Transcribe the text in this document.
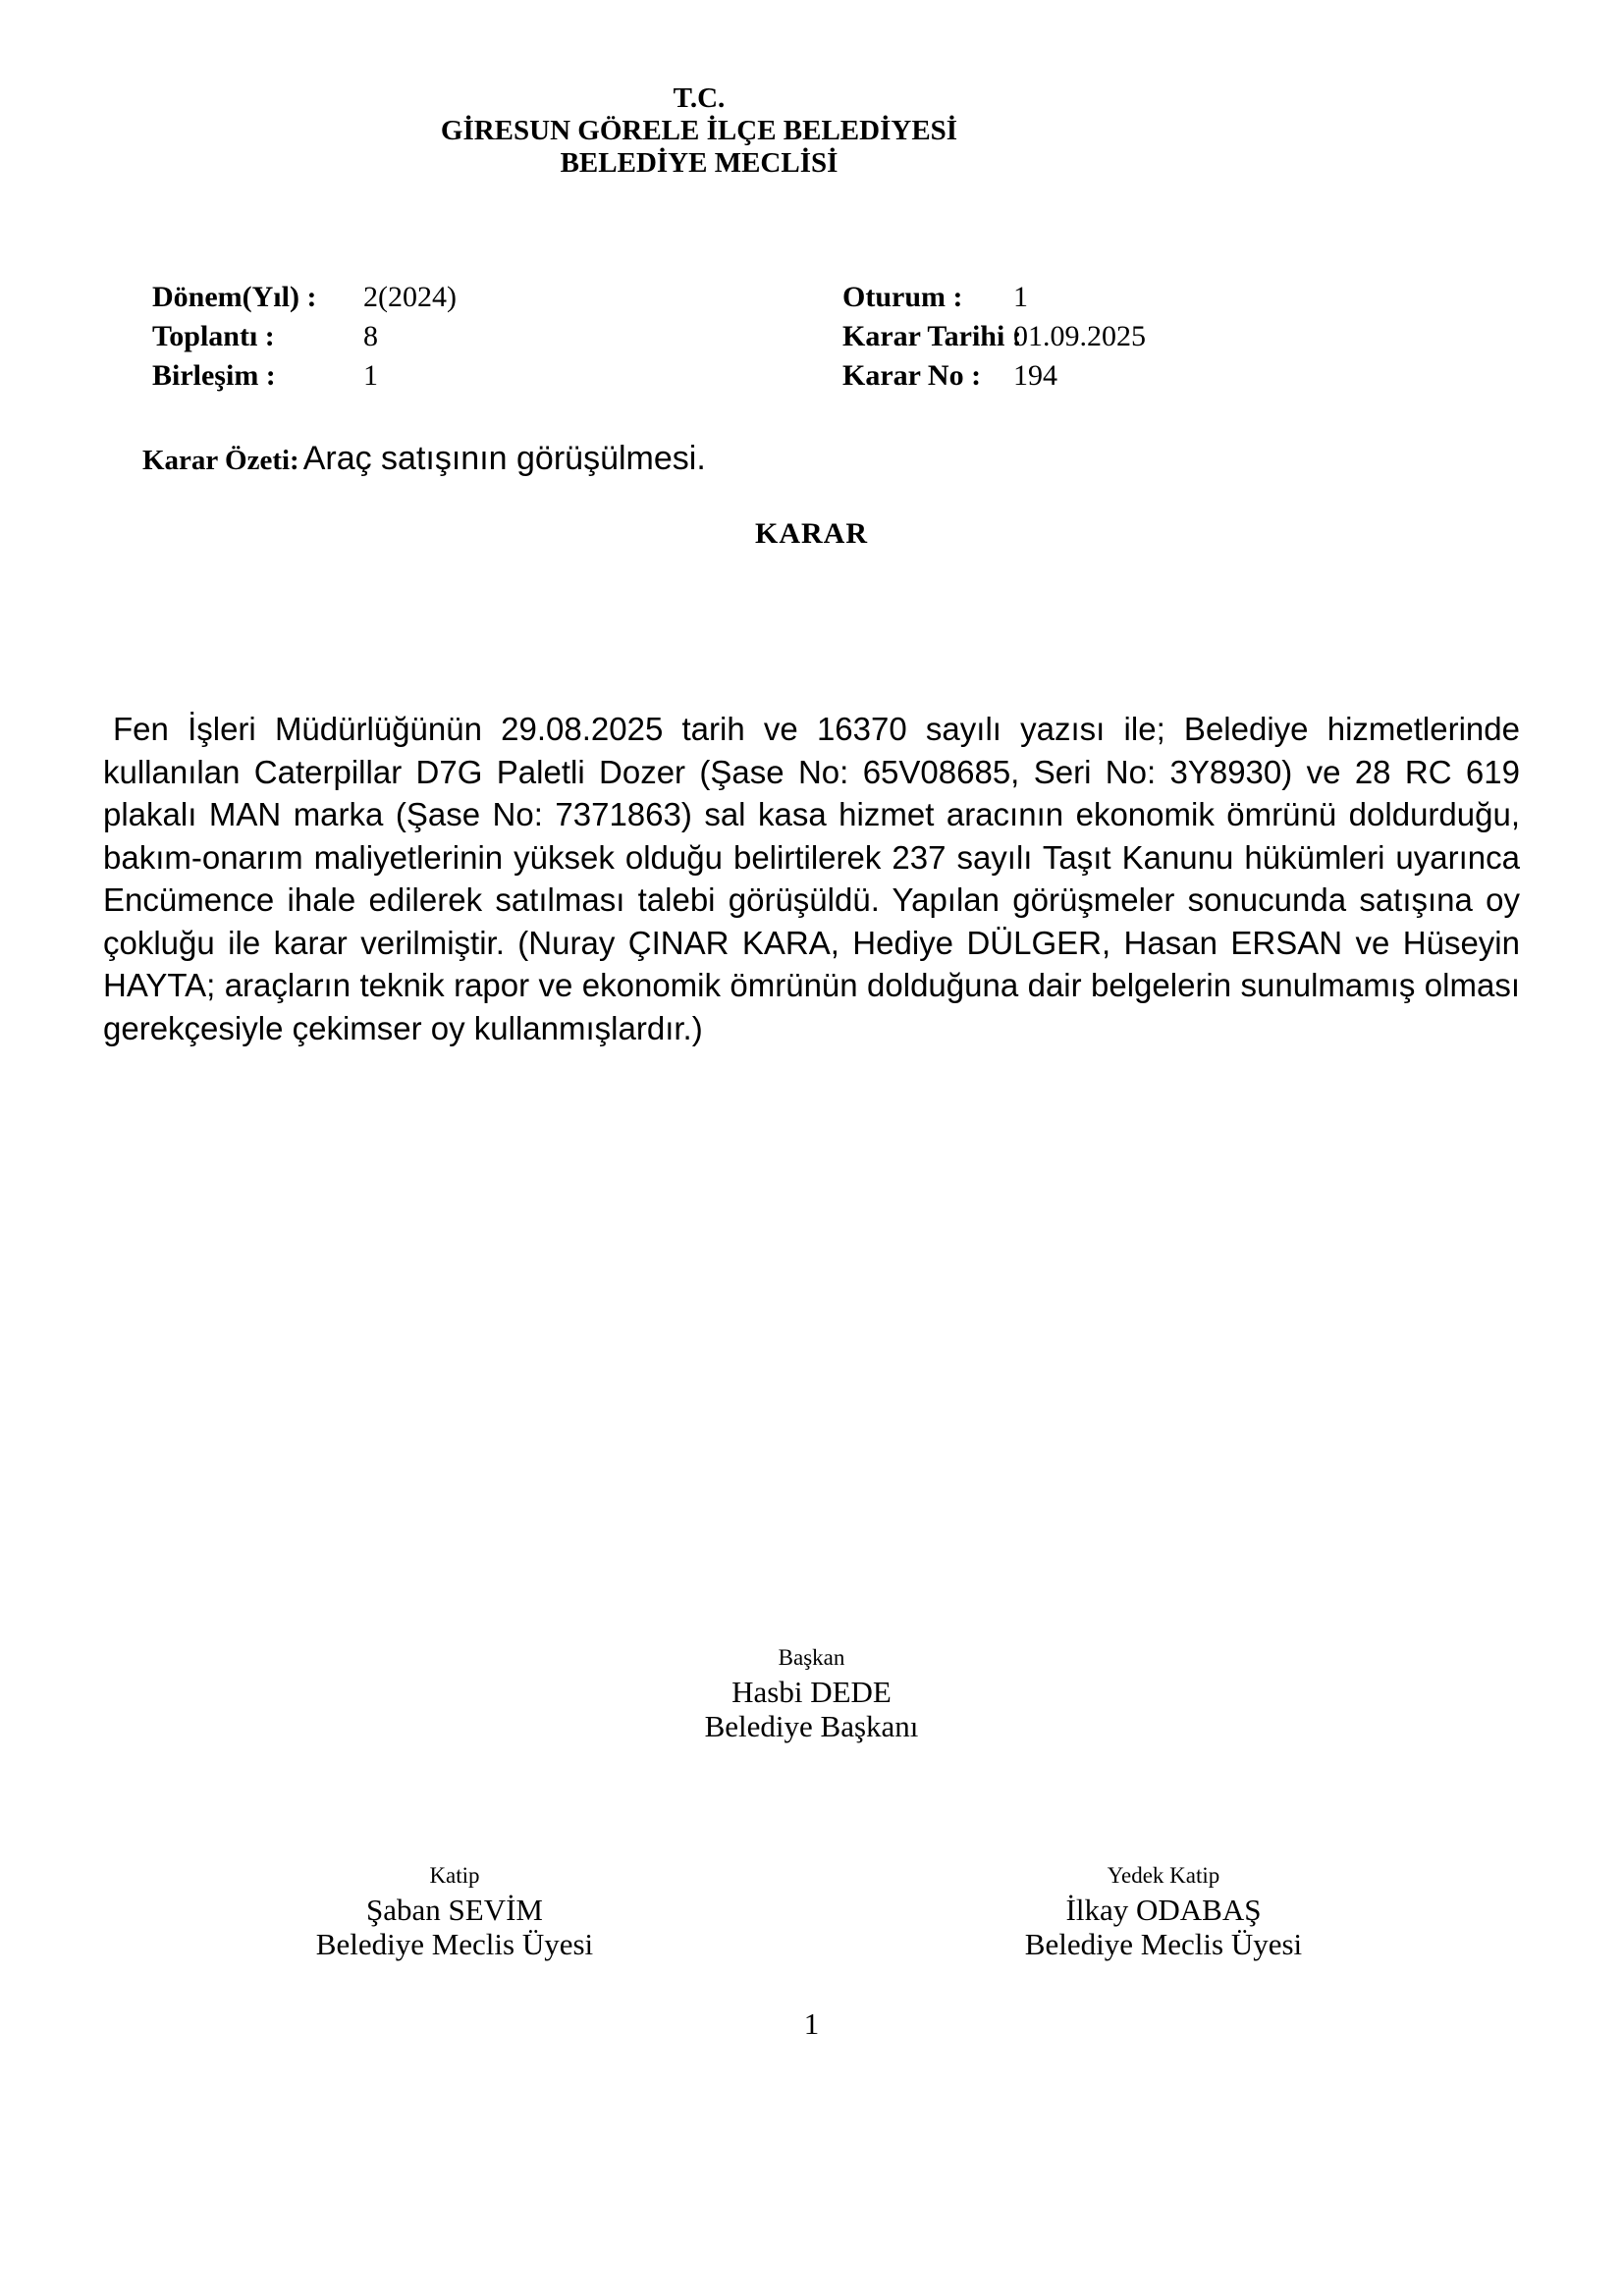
T.C.
GİRESUN GÖRELE İLÇE BELEDİYESİ
BELEDİYE MECLİSİ
Dönem(Yıl) : 2(2024)
Toplantı :	8
Birleşim :	1
Oturum : 1
Karar Tarihi :01.09.2025
Karar No : 194
Karar Özeti: Araç satışının görüşülmesi.
KARAR

Fen İşleri Müdürlüğünün 29.08.2025 tarih ve 16370 sayılı yazısı ile; Belediye hizmetlerinde kullanılan Caterpillar D7G Paletli Dozer (Şase No: 65V08685, Seri No: 3Y8930) ve 28 RC 619 plakalı MAN marka (Şase No: 7371863) sal kasa hizmet aracının ekonomik ömrünü doldurduğu, bakım-onarım maliyetlerinin yüksek olduğu belirtilerek 237 sayılı Taşıt Kanunu hükümleri uyarınca Encümence ihale edilerek satılması talebi görüşüldü. Yapılan görüşmeler sonucunda satışına oy çokluğu ile karar verilmiştir. (Nuray ÇINAR KARA, Hediye DÜLGER, Hasan ERSAN ve Hüseyin HAYTA; araçların teknik rapor ve ekonomik ömrünün dolduğuna dair belgelerin sunulmamış olması gerekçesiyle çekimser oy kullanmışlardır.)

Başkan
Hasbi DEDE
Belediye Başkanı
Katip
Şaban SEVİM
Belediye Meclis Üyesi
Yedek Katip
İlkay ODABAŞ
Belediye Meclis Üyesi
1
